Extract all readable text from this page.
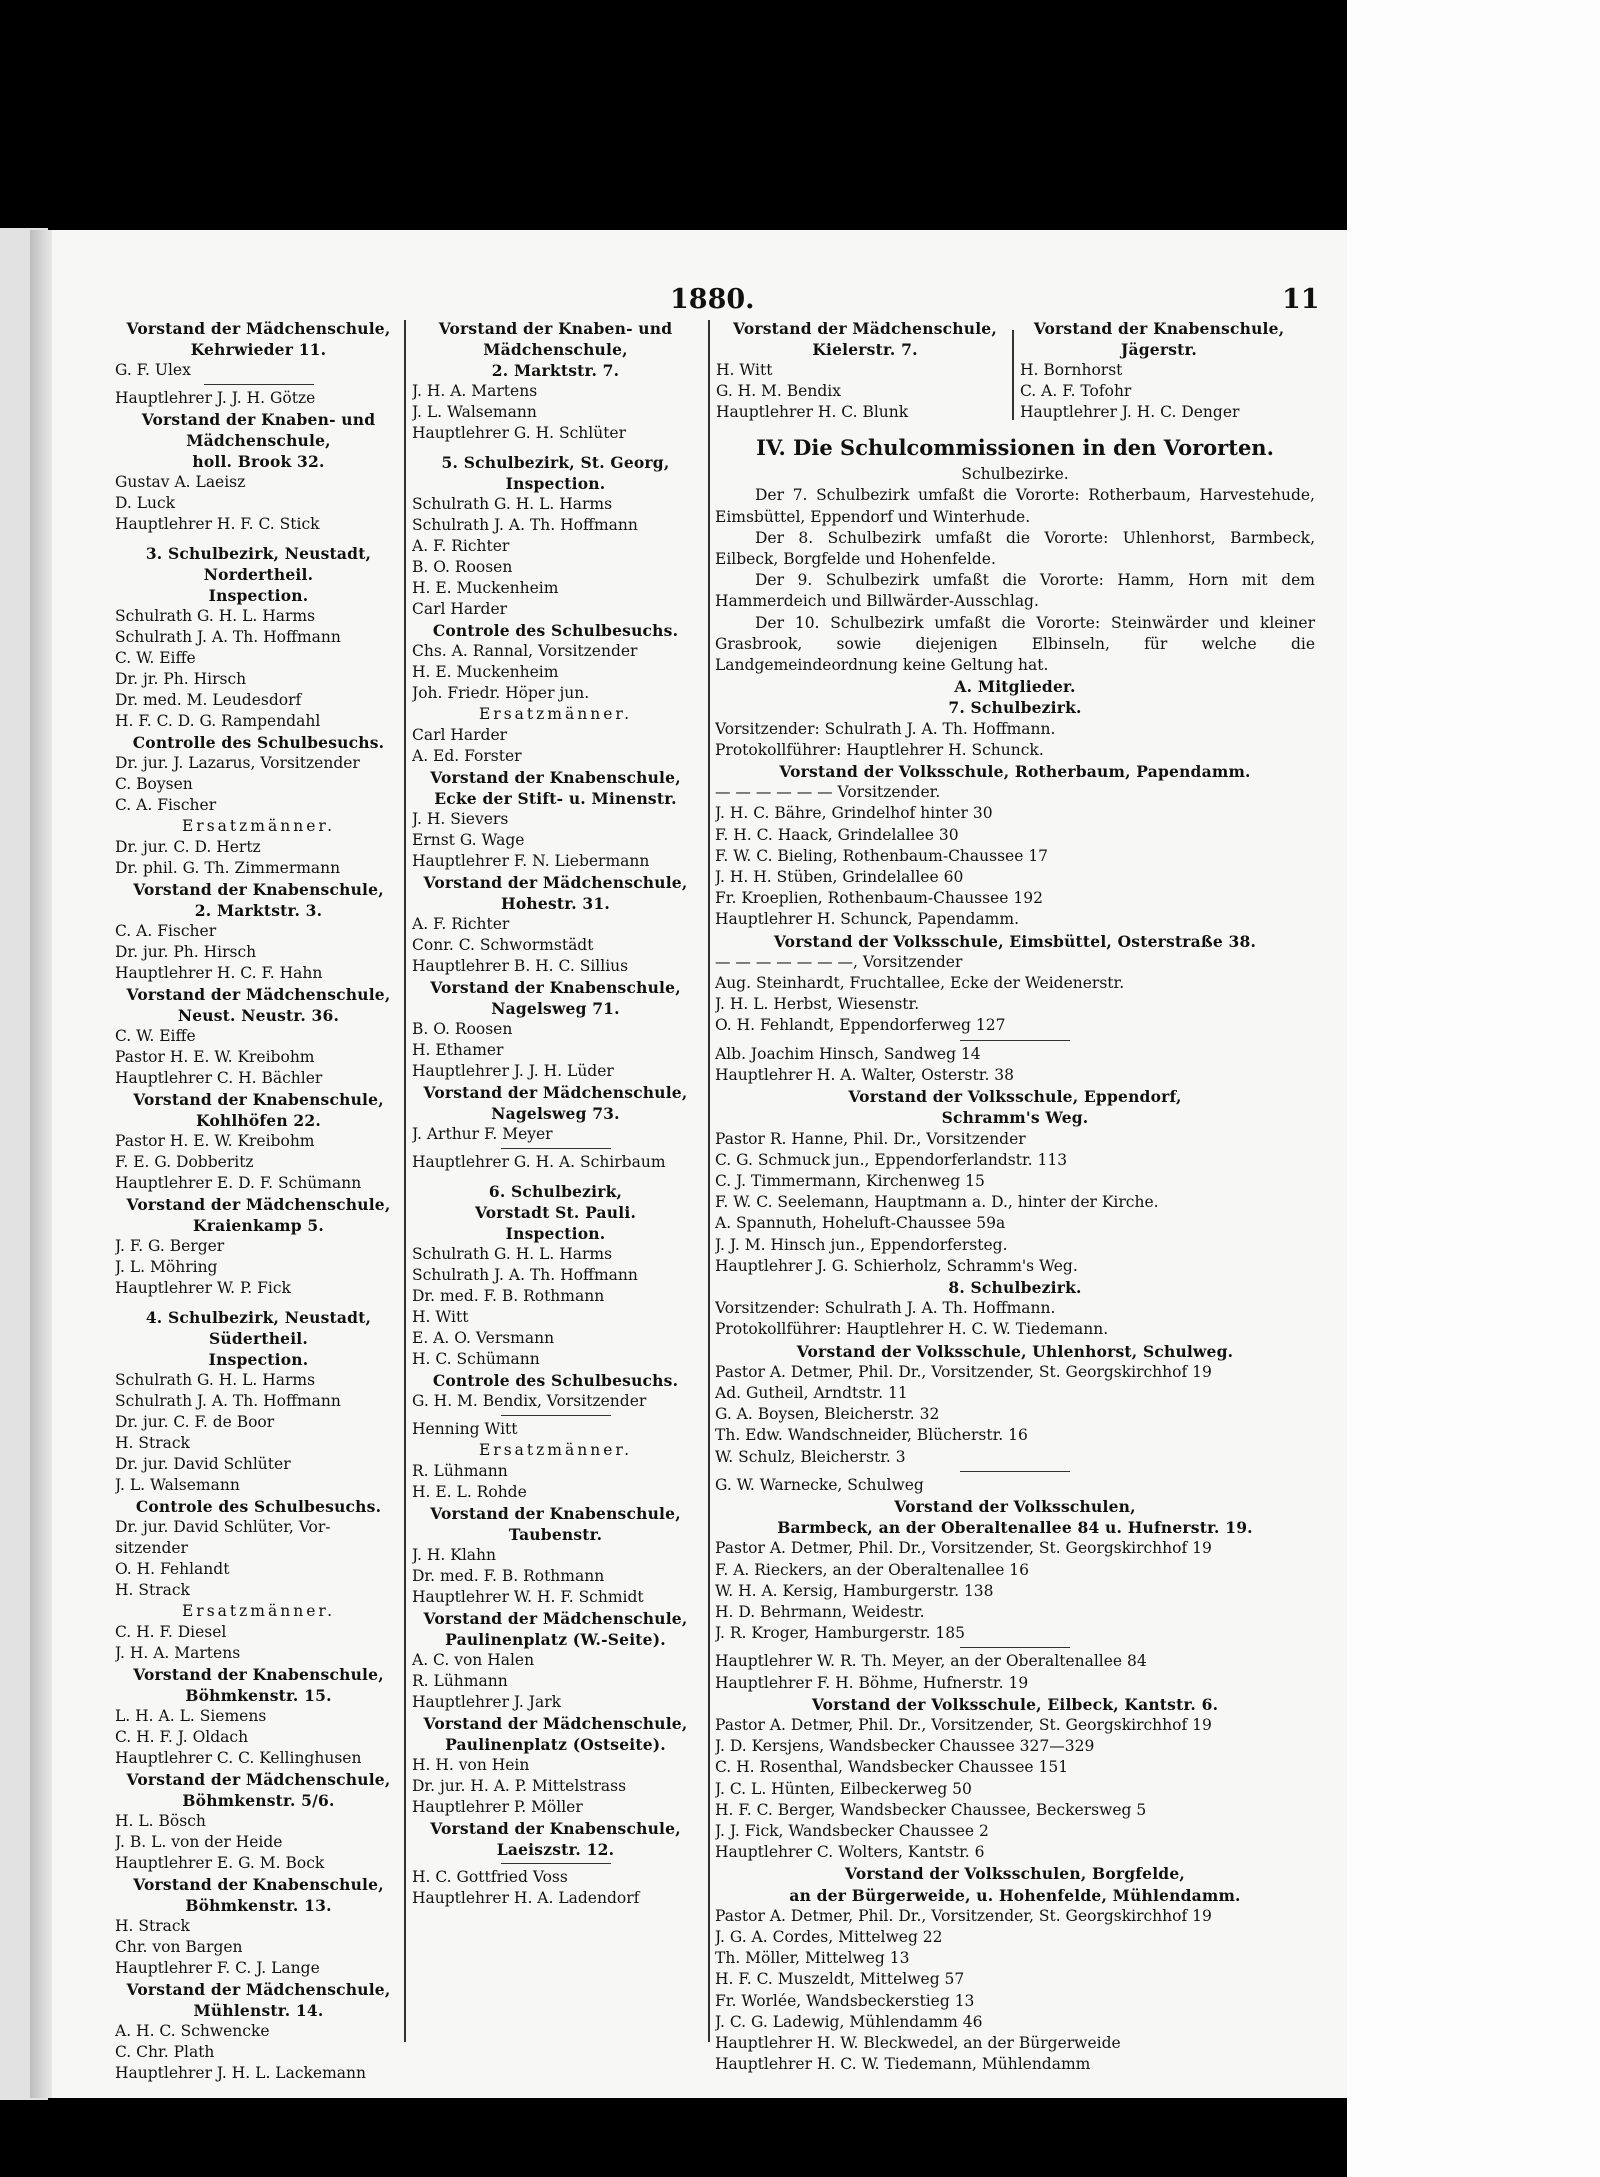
1880.	11
Vorstand der Mädchenschule,
Kehrwieder 11.
G. F. Ulex
Hauptlehrer J. J. H. Götze
Vorstand der Knaben- und
Mädchenschule,
holl. Brook 32.
Gustav A. Laeisz
D. Luck
Hauptlehrer H. F. C. Stick
3. Schulbezirk, Neustadt,
Nordertheil.
Inspection.
Schulrath G. H. L. Harms
Schulrath J. A. Th. Hoffmann
C. W. Eiffe
Dr. jr. Ph. Hirsch
Dr. med. M. Leudesdorf
H. F. C. D. G. Rampendahl
Controlle des Schulbesuchs.
Dr. jur. J. Lazarus, Vorsitzender
C. Boysen
C. A. Fischer
Ersatzmänner.
Dr. jur. C. D. Hertz
Dr. phil. G. Th. Zimmermann
Vorstand der Knabenschule,
2. Marktstr. 3.
C. A. Fischer
Dr. jur. Ph. Hirsch
Hauptlehrer H. C. F. Hahn
Vorstand der Mädchenschule,
Neust. Neustr. 36.
C. W. Eiffe
Pastor H. E. W. Kreibohm
Hauptlehrer C. H. Bächler
Vorstand der Knabenschule,
Kohlhöfen 22.
Pastor H. E. W. Kreibohm
F. E. G. Dobberitz
Hauptlehrer E. D. F. Schümann
Vorstand der Mädchenschule,
Kraienkamp 5.
J. F. G. Berger
J. L. Möhring
Hauptlehrer W. P. Fick
4. Schulbezirk, Neustadt,
Südertheil.
Inspection.
Schulrath G. H. L. Harms
Schulrath J. A. Th. Hoffmann
Dr. jur. C. F. de Boor
H. Strack
Dr. jur. David Schlüter
J. L. Walsemann
Controle des Schulbesuchs.
Dr. jur. David Schlüter, Vor-
sitzender
O. H. Fehlandt
H. Strack
Ersatzmänner.
C. H. F. Diesel
J. H. A. Martens
Vorstand der Knabenschule,
Böhmkenstr. 15.
L. H. A. L. Siemens
C. H. F. J. Oldach
Hauptlehrer C. C. Kellinghusen
Vorstand der Mädchenschule,
Böhmkenstr. 5/6.
H. L. Bösch
J. B. L. von der Heide
Hauptlehrer E. G. M. Bock
Vorstand der Knabenschule,
Böhmkenstr. 13.
H. Strack
Chr. von Bargen
Hauptlehrer F. C. J. Lange
Vorstand der Mädchenschule,
Mühlenstr. 14.
A. H. C. Schwencke
C. Chr. Plath
Hauptlehrer J. H. L. Lackemann
Vorstand der Knaben- und
Mädchenschule,
2. Marktstr. 7.
J. H. A. Martens
J. L. Walsemann
Hauptlehrer G. H. Schlüter
5. Schulbezirk, St. Georg,
Inspection.
Schulrath G. H. L. Harms
Schulrath J. A. Th. Hoffmann
A. F. Richter
B. O. Roosen
H. E. Muckenheim
Carl Harder
Controle des Schulbesuchs.
Chs. A. Rannal, Vorsitzender
H. E. Muckenheim
Joh. Friedr. Höper jun.
Ersatzmänner.
Carl Harder
A. Ed. Forster
Vorstand der Knabenschule,
Ecke der Stift- u. Minenstr.
J. H. Sievers
Ernst G. Wage
Hauptlehrer F. N. Liebermann
Vorstand der Mädchenschule,
Hohestr. 31.
A. F. Richter
Conr. C. Schwormstädt
Hauptlehrer B. H. C. Sillius
Vorstand der Knabenschule,
Nagelsweg 71.
B. O. Roosen
H. Ethamer
Hauptlehrer J. J. H. Lüder
Vorstand der Mädchenschule,
Nagelsweg 73.
J. Arthur F. Meyer
Hauptlehrer G. H. A. Schirbaum
6. Schulbezirk,
Vorstadt St. Pauli.
Inspection.
Schulrath G. H. L. Harms
Schulrath J. A. Th. Hoffmann
Dr. med. F. B. Rothmann
H. Witt
E. A. O. Versmann
H. C. Schümann
Controle des Schulbesuchs.
G. H. M. Bendix, Vorsitzender
Henning Witt
Ersatzmänner.
R. Lühmann
H. E. L. Rohde
Vorstand der Knabenschule,
Taubenstr.
J. H. Klahn
Dr. med. F. B. Rothmann
Hauptlehrer W. H. F. Schmidt
Vorstand der Mädchenschule,
Paulinenplatz (W.-Seite).
A. C. von Halen
R. Lühmann
Hauptlehrer J. Jark
Vorstand der Mädchenschule,
Paulinenplatz (Ostseite).
H. H. von Hein
Dr. jur. H. A. P. Mittelstrass
Hauptlehrer P. Möller
Vorstand der Knabenschule,
Laeiszstr. 12.
H. C. Gottfried Voss
Hauptlehrer H. A. Ladendorf
Vorstand der Mädchenschule,
Kielerstr. 7.
H. Witt
G. H. M. Bendix
Hauptlehrer H. C. Blunk
Vorstand der Knabenschule,
Jägerstr.
H. Bornhorst
C. A. F. Tofohr
Hauptlehrer J. H. C. Denger
IV. Die Schulcommissionen in den Vororten.
Schulbezirke.
Der 7. Schulbezirk umfaßt die Vororte: Rotherbaum, Harvestehude, Eimsbüttel, Eppendorf und Winterhude.
Der 8. Schulbezirk umfaßt die Vororte: Uhlenhorst, Barmbeck, Eilbeck, Borgfelde und Hohenfelde.
Der 9. Schulbezirk umfaßt die Vororte: Hamm, Horn mit dem Hammerdeich und Billwärder-Ausschlag.
Der 10. Schulbezirk umfaßt die Vororte: Steinwärder und kleiner Grasbrook, sowie diejenigen Elbinseln, für welche die Landgemeindeordnung keine Geltung hat.
A. Mitglieder.
7. Schulbezirk.
Vorsitzender: Schulrath J. A. Th. Hoffmann.
Protokollführer: Hauptlehrer H. Schunck.
Vorstand der Volksschule, Rotherbaum, Papendamm.
— — — — — — Vorsitzender.
J. H. C. Bähre, Grindelhof hinter 30
F. H. C. Haack, Grindelallee 30
F. W. C. Bieling, Rothenbaum-Chaussee 17
J. H. H. Stüben, Grindelallee 60
Fr. Kroeplien, Rothenbaum-Chaussee 192
Hauptlehrer H. Schunck, Papendamm.
Vorstand der Volksschule, Eimsbüttel, Osterstraße 38.
— — — — — — —, Vorsitzender
Aug. Steinhardt, Fruchtallee, Ecke der Weidenerstr.
J. H. L. Herbst, Wiesenstr.
O. H. Fehlandt, Eppendorferweg 127
Alb. Joachim Hinsch, Sandweg 14
Hauptlehrer H. A. Walter, Osterstr. 38
Vorstand der Volksschule, Eppendorf,
Schramm's Weg.
Pastor R. Hanne, Phil. Dr., Vorsitzender
C. G. Schmuck jun., Eppendorferlandstr. 113
C. J. Timmermann, Kirchenweg 15
F. W. C. Seelemann, Hauptmann a. D., hinter der Kirche.
A. Spannuth, Hoheluft-Chaussee 59a
J. J. M. Hinsch jun., Eppendorfersteg.
Hauptlehrer J. G. Schierholz, Schramm's Weg.
8. Schulbezirk.
Vorsitzender: Schulrath J. A. Th. Hoffmann.
Protokollführer: Hauptlehrer H. C. W. Tiedemann.
Vorstand der Volksschule, Uhlenhorst, Schulweg.
Pastor A. Detmer, Phil. Dr., Vorsitzender, St. Georgskirchhof 19
Ad. Gutheil, Arndtstr. 11
G. A. Boysen, Bleicherstr. 32
Th. Edw. Wandschneider, Blücherstr. 16
W. Schulz, Bleicherstr. 3
G. W. Warnecke, Schulweg
Vorstand der Volksschulen,
Barmbeck, an der Oberaltenallee 84 u. Hufnerstr. 19.
Pastor A. Detmer, Phil. Dr., Vorsitzender, St. Georgskirchhof 19
F. A. Rieckers, an der Oberaltenallee 16
W. H. A. Kersig, Hamburgerstr. 138
H. D. Behrmann, Weidestr.
J. R. Kroger, Hamburgerstr. 185
Hauptlehrer W. R. Th. Meyer, an der Oberaltenallee 84
Hauptlehrer F. H. Böhme, Hufnerstr. 19
Vorstand der Volksschule, Eilbeck, Kantstr. 6.
Pastor A. Detmer, Phil. Dr., Vorsitzender, St. Georgskirchhof 19
J. D. Kersjens, Wandsbecker Chaussee 327—329
C. H. Rosenthal, Wandsbecker Chaussee 151
J. C. L. Hünten, Eilbeckerweg 50
H. F. C. Berger, Wandsbecker Chaussee, Beckersweg 5
J. J. Fick, Wandsbecker Chaussee 2
Hauptlehrer C. Wolters, Kantstr. 6
Vorstand der Volksschulen, Borgfelde,
an der Bürgerweide, u. Hohenfelde, Mühlendamm.
Pastor A. Detmer, Phil. Dr., Vorsitzender, St. Georgskirchhof 19
J. G. A. Cordes, Mittelweg 22
Th. Möller, Mittelweg 13
H. F. C. Muszeldt, Mittelweg 57
Fr. Worlée, Wandsbeckerstieg 13
J. C. G. Ladewig, Mühlendamm 46
Hauptlehrer H. W. Bleckwedel, an der Bürgerweide
Hauptlehrer H. C. W. Tiedemann, Mühlendamm
